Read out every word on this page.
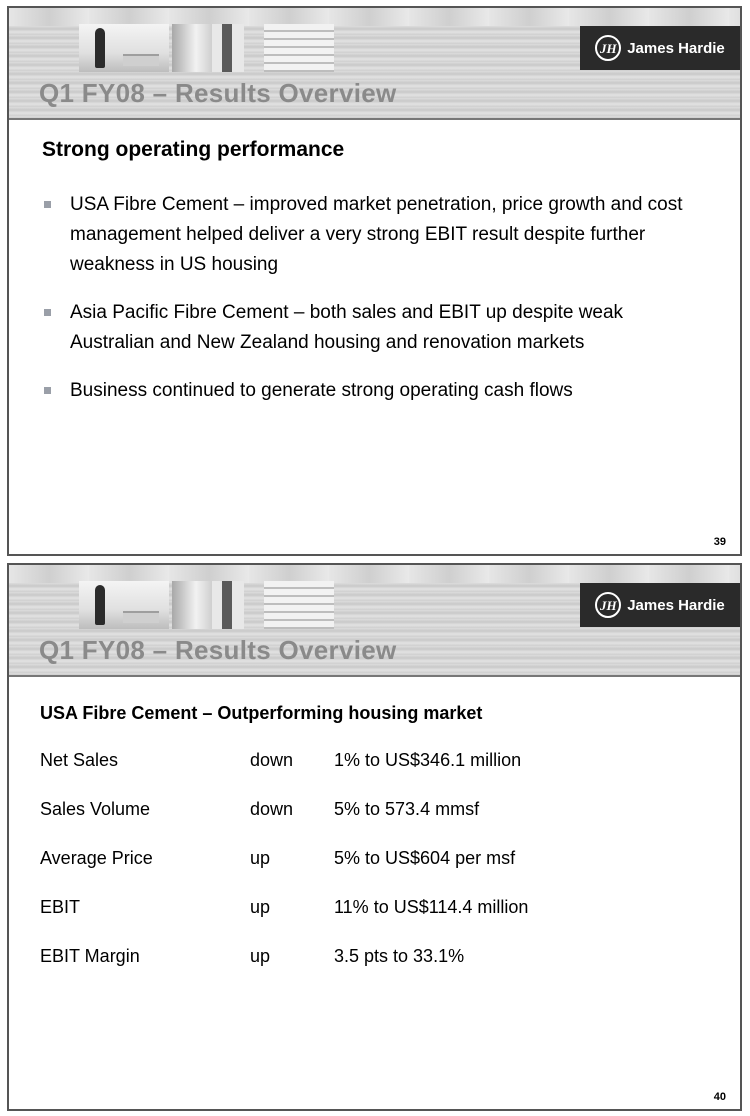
JH James Hardie
Q1 FY08 – Results Overview
Strong operating performance
USA Fibre Cement – improved market penetration, price growth and cost management helped deliver a very strong EBIT result despite further weakness in US housing
Asia Pacific Fibre Cement – both sales and EBIT up despite weak Australian and New Zealand housing and renovation markets
Business continued to generate strong operating cash flows
39
JH James Hardie
Q1 FY08 – Results Overview
USA Fibre Cement – Outperforming housing market
Net Sales	down 1% to US$346.1 million
Sales Volume	down 5% to 573.4 mmsf
Average Price	up	5% to US$604 per msf
EBIT	up	11% to US$114.4 million
EBIT Margin	up	3.5 pts to 33.1%
40
